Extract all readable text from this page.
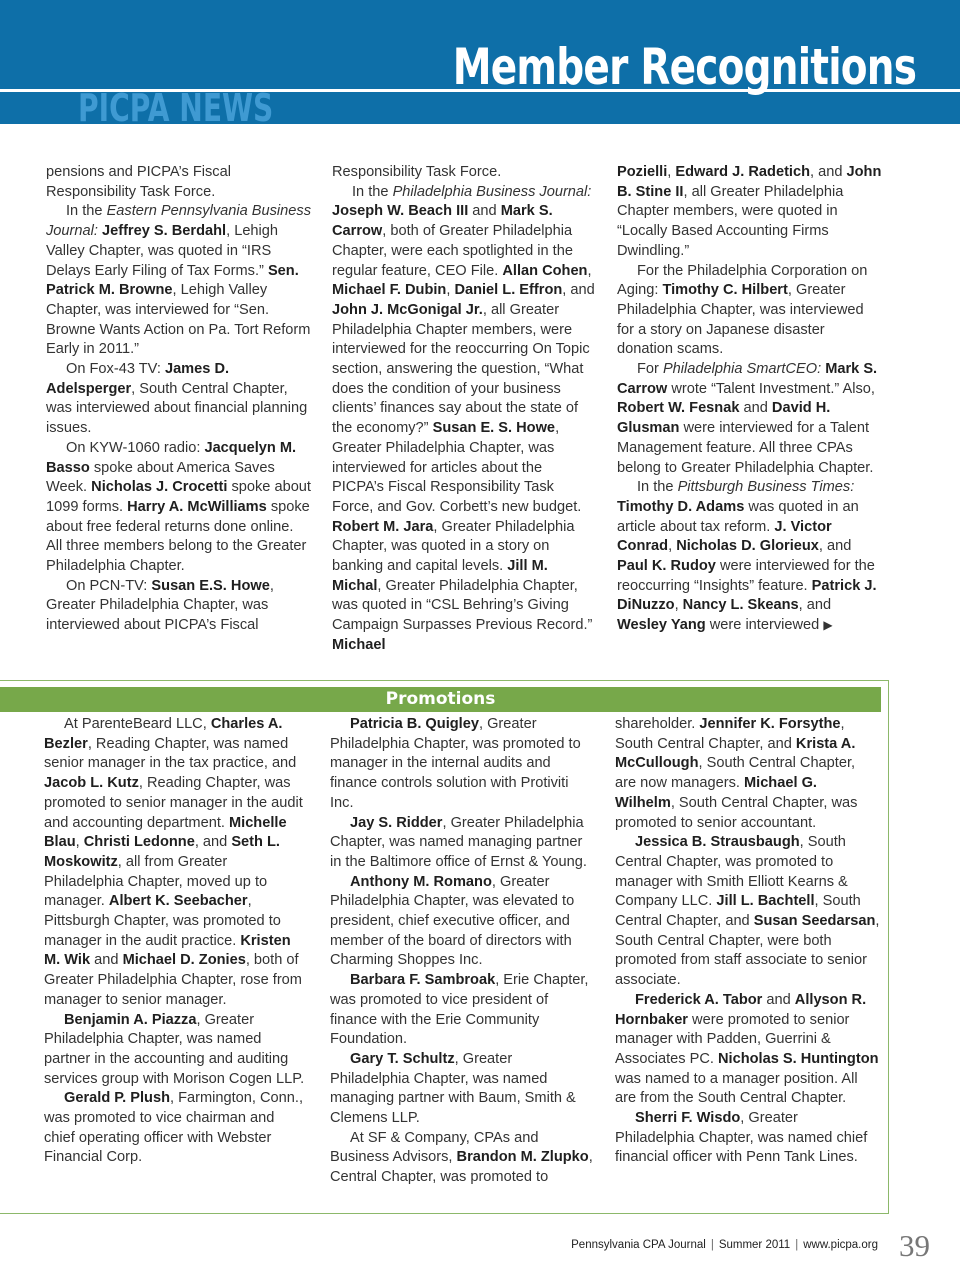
Member Recognitions
PICPA NEWS

pensions and PICPA’s Fiscal Responsibility Task Force.

In the Eastern Pennsylvania Business Journal: Jeffrey S. Berdahl, Lehigh Valley Chapter, was quoted in “IRS Delays Early Filing of Tax Forms.” Sen. Patrick M. Browne, Lehigh Valley Chapter, was interviewed for “Sen. Browne Wants Action on Pa. Tort Reform Early in 2011.”

On Fox-43 TV: James D. Adelsperger, South Central Chapter, was interviewed about financial planning issues.

On KYW-1060 radio: Jacquelyn M. Basso spoke about America Saves Week. Nicholas J. Crocetti spoke about 1099 forms. Harry A. McWilliams spoke about free federal returns done online. All three members belong to the Greater Philadelphia Chapter.

On PCN-TV: Susan E.S. Howe, Greater Philadelphia Chapter, was interviewed about PICPA’s Fiscal

Responsibility Task Force.

In the Philadelphia Business Journal: Joseph W. Beach III and Mark S. Carrow, both of Greater Philadelphia Chapter, were each spotlighted in the regular feature, CEO File. Allan Cohen, Michael F. Dubin, Daniel L. Effron, and John J. McGonigal Jr., all Greater Philadelphia Chapter members, were interviewed for the reoccurring On Topic section, answering the question, “What does the condition of your business clients’ finances say about the state of the economy?” Susan E. S. Howe, Greater Philadelphia Chapter, was interviewed for articles about the PICPA’s Fiscal Responsibility Task Force, and Gov. Corbett’s new budget. Robert M. Jara, Greater Philadelphia Chapter, was quoted in a story on banking and capital levels. Jill M. Michal, Greater Philadelphia Chapter, was quoted in “CSL Behring’s Giving Campaign Surpasses Previous Record.” Michael

Pozielli, Edward J. Radetich, and John B. Stine II, all Greater Philadelphia Chapter members, were quoted in “Locally Based Accounting Firms Dwindling.”

For the Philadelphia Corporation on Aging: Timothy C. Hilbert, Greater Philadelphia Chapter, was interviewed for a story on Japanese disaster donation scams.

For Philadelphia SmartCEO: Mark S. Carrow wrote “Talent Investment.” Also, Robert W. Fesnak and David H. Glusman were interviewed for a Talent Management feature. All three CPAs belong to Greater Philadelphia Chapter.

In the Pittsburgh Business Times: Timothy D. Adams was quoted in an article about tax reform. J. Victor Conrad, Nicholas D. Glorieux, and Paul K. Rudoy were interviewed for the reoccurring “Insights” feature. Patrick J. DiNuzzo, Nancy L. Skeans, and Wesley Yang were interviewed ▶

Promotions

At ParenteBeard LLC, Charles A. Bezler, Reading Chapter, was named senior manager in the tax practice, and Jacob L. Kutz, Reading Chapter, was promoted to senior manager in the audit and accounting department. Michelle Blau, Christi Ledonne, and Seth L. Moskowitz, all from Greater Philadelphia Chapter, moved up to manager. Albert K. Seebacher, Pittsburgh Chapter, was promoted to manager in the audit practice. Kristen M. Wik and Michael D. Zonies, both of Greater Philadelphia Chapter, rose from manager to senior manager.

Benjamin A. Piazza, Greater Philadelphia Chapter, was named partner in the accounting and auditing services group with Morison Cogen LLP.

Gerald P. Plush, Farmington, Conn., was promoted to vice chairman and chief operating officer with Webster Financial Corp.

Patricia B. Quigley, Greater Philadelphia Chapter, was promoted to manager in the internal audits and finance controls solution with Protiviti Inc.

Jay S. Ridder, Greater Philadelphia Chapter, was named managing partner in the Baltimore office of Ernst & Young.

Anthony M. Romano, Greater Philadelphia Chapter, was elevated to president, chief executive officer, and member of the board of directors with Charming Shoppes Inc.

Barbara F. Sambroak, Erie Chapter, was promoted to vice president of finance with the Erie Community Foundation.

Gary T. Schultz, Greater Philadelphia Chapter, was named managing partner with Baum, Smith & Clemens LLP.

At SF & Company, CPAs and Business Advisors, Brandon M. Zlupko, Central Chapter, was promoted to

shareholder. Jennifer K. Forsythe, South Central Chapter, and Krista A. McCullough, South Central Chapter, are now managers. Michael G. Wilhelm, South Central Chapter, was promoted to senior accountant.

Jessica B. Strausbaugh, South Central Chapter, was promoted to manager with Smith Elliott Kearns & Company LLC. Jill L. Bachtell, South Central Chapter, and Susan Seedarsan, South Central Chapter, were both promoted from staff associate to senior associate.

Frederick A. Tabor and Allyson R. Hornbaker were promoted to senior manager with Padden, Guerrini & Associates PC. Nicholas S. Huntington was named to a manager position. All are from the South Central Chapter.

Sherri F. Wisdo, Greater Philadelphia Chapter, was named chief financial officer with Penn Tank Lines.

Pennsylvania CPA Journal | Summer 2011 | www.picpa.org 39
